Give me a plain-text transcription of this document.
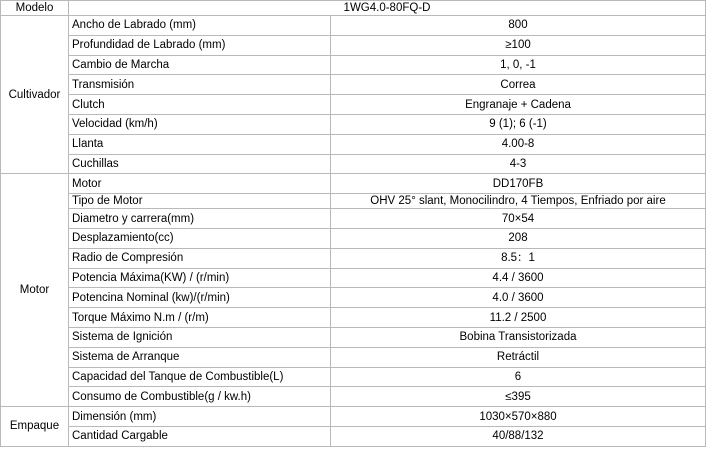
Modelo	1WG4.0-80FQ-D	
Cultivador	Ancho de Labrado (mm)	800
	Profundidad de Labrado (mm)	≥100
	Cambio de Marcha	1, 0, -1
	Transmisión	Correa
	Clutch	Engranaje + Cadena
	Velocidad (km/h)	9 (1); 6 (-1)
	Llanta	4.00-8
	Cuchillas	4-3
Motor	Motor	DD170FB
	Tipo de Motor	OHV 25° slant, Monocilindro, 4 Tiempos, Enfriado por aire
	Diametro y carrera(mm)	70×54
	Desplazamiento(cc)	208
	Radio de Compresión	8.5：1
	Potencia Máxima(KW) / (r/min)	4.4 / 3600
	Potencina Nominal (kw)/(r/min)	4.0 / 3600
	Torque Máximo N.m / (r/m)	11.2 / 2500
	Sistema de Ignición	Bobina Transistorizada
	Sistema de Arranque	Retráctil
	Capacidad del Tanque de Combustible(L)	6
	Consumo de Combustible(g / kw.h)	≤395
Empaque	Dimensión (mm)	1030×570×880
	Cantidad Cargable	40/88/132
